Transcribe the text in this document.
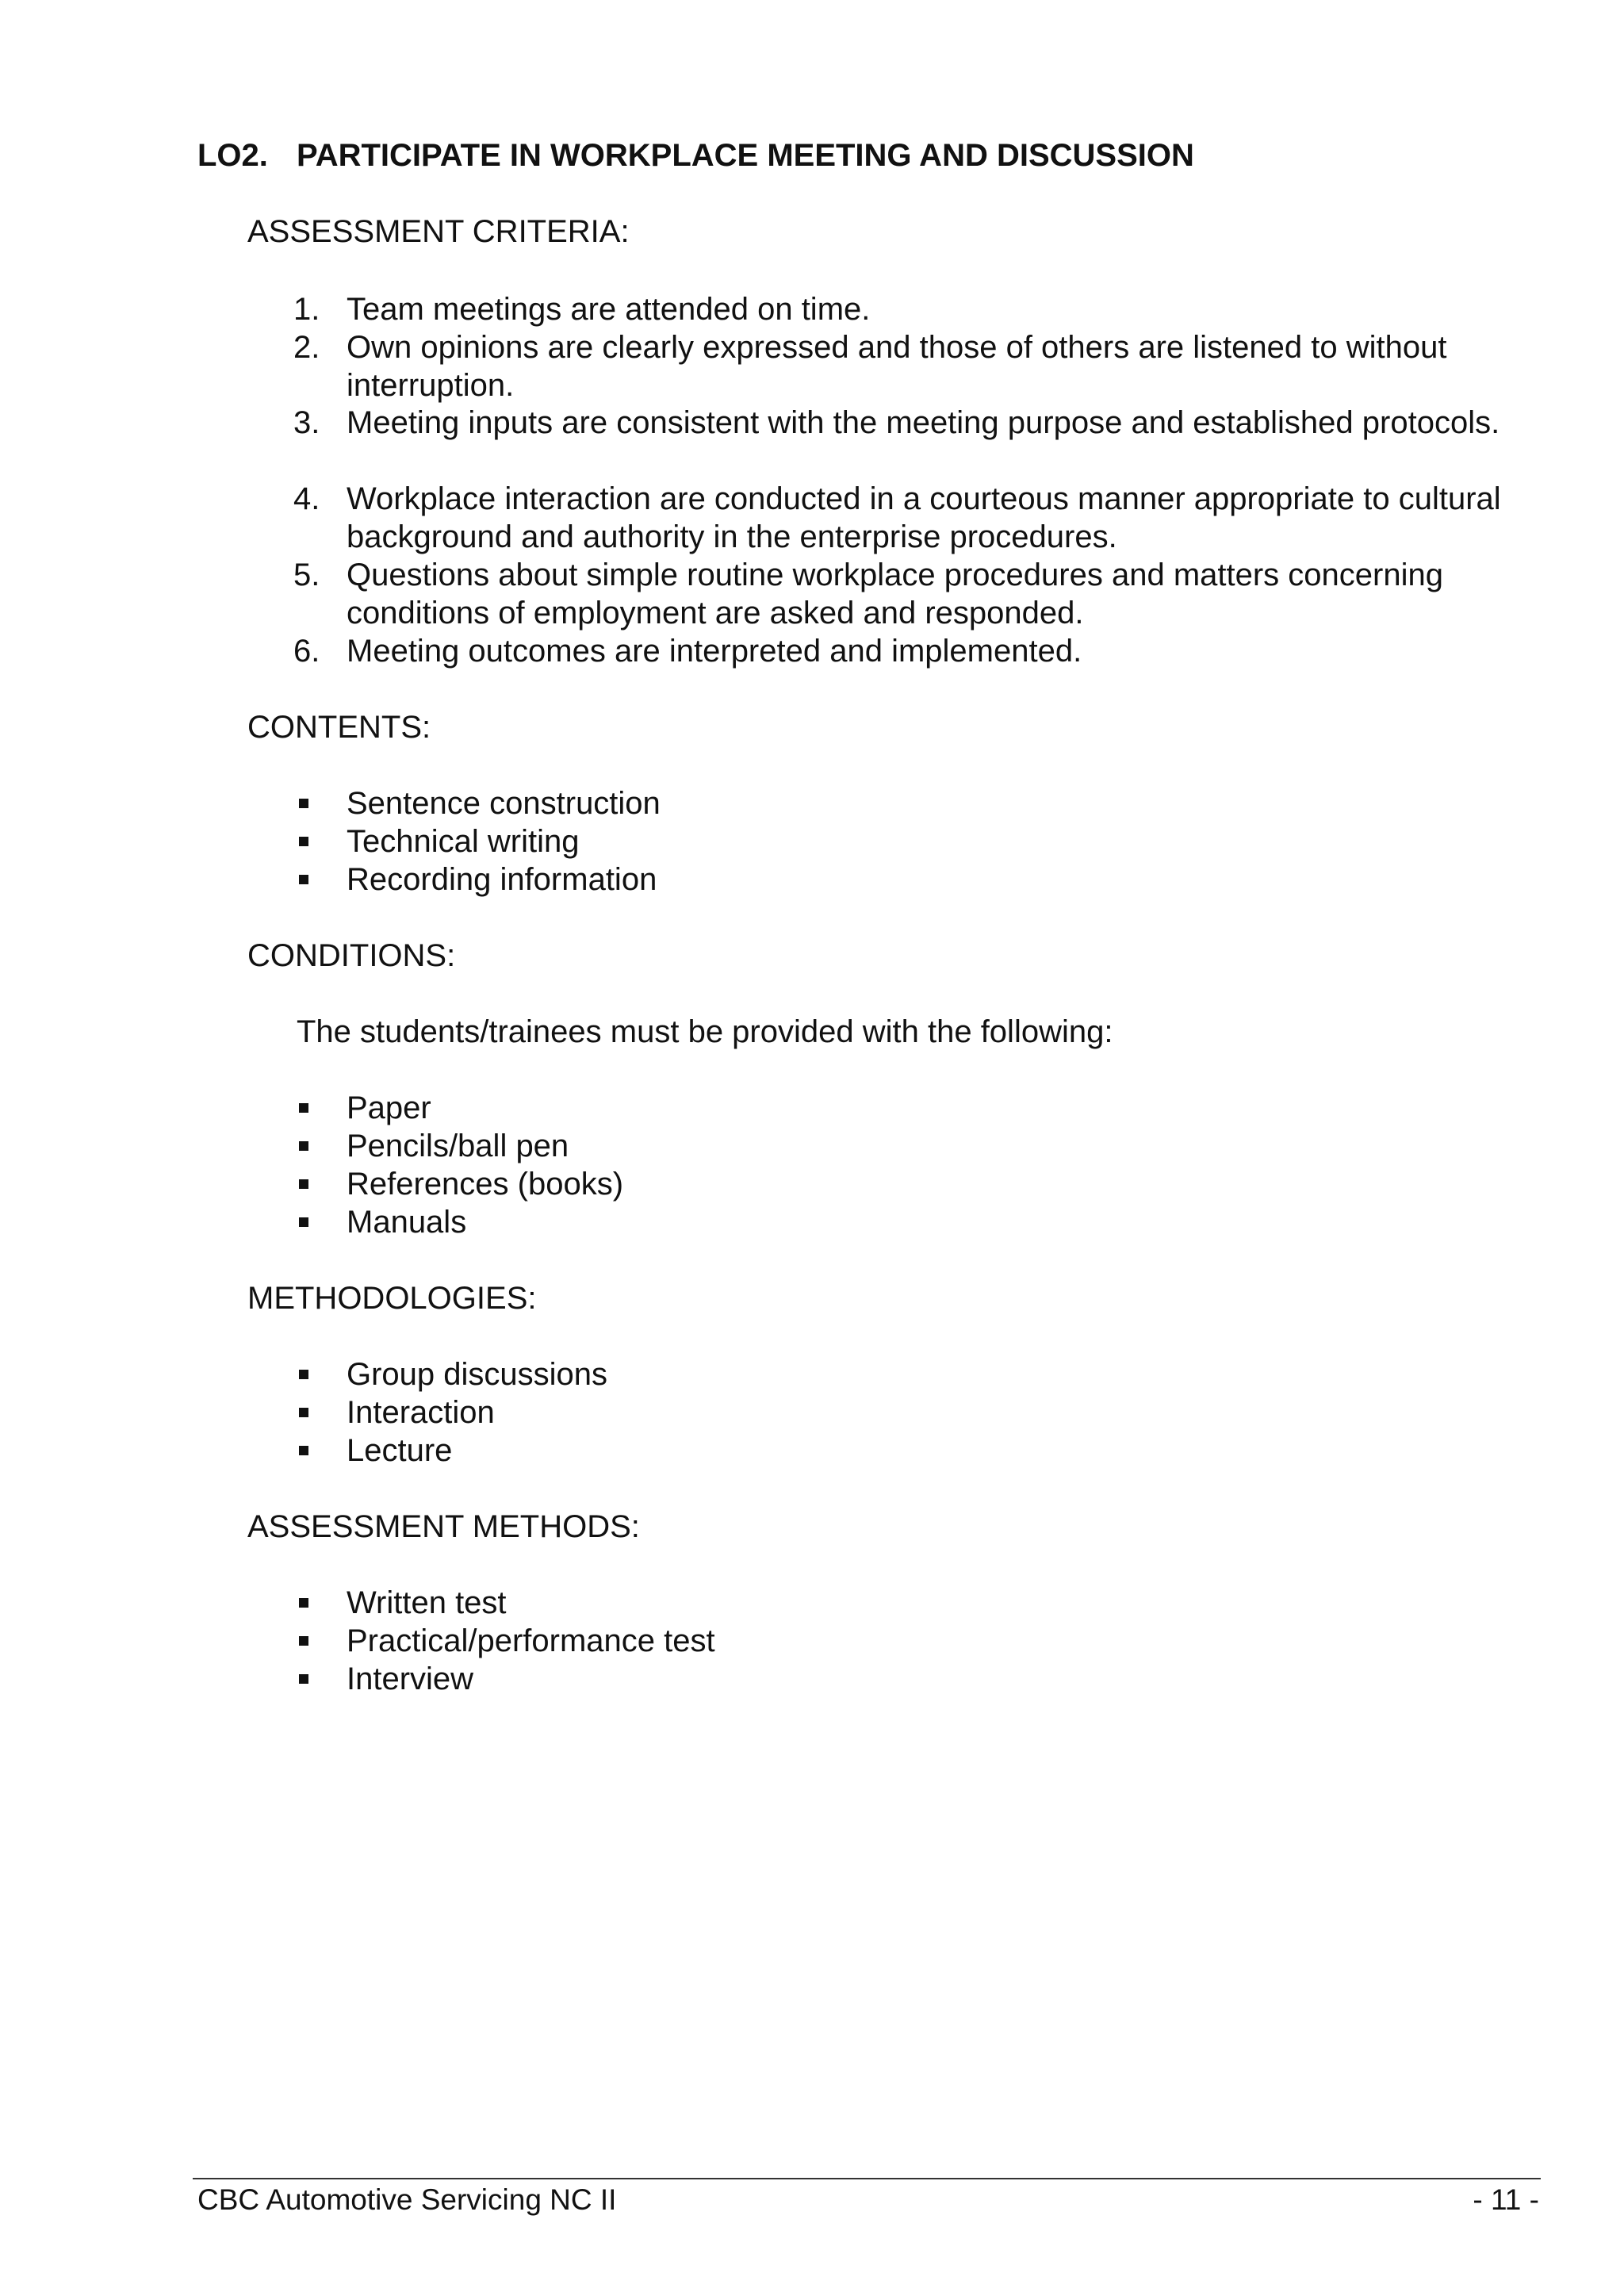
LO2. PARTICIPATE IN WORKPLACE MEETING AND DISCUSSION
ASSESSMENT CRITERIA:
1. Team meetings are attended on time.
2. Own opinions are clearly expressed and those of others are listened to without interruption.
3. Meeting inputs are consistent with the meeting purpose and established protocols.
4. Workplace interaction are conducted in a courteous manner appropriate to cultural background and authority in the enterprise procedures.
5. Questions about simple routine workplace procedures and matters concerning conditions of employment are asked and responded.
6. Meeting outcomes are interpreted and implemented.
CONTENTS:
Sentence construction
Technical writing
Recording information
CONDITIONS:
The students/trainees must be provided with the following:
Paper
Pencils/ball pen
References (books)
Manuals
METHODOLOGIES:
Group discussions
Interaction
Lecture
ASSESSMENT METHODS:
Written test
Practical/performance test
Interview
CBC Automotive Servicing NC II	- 11 -
